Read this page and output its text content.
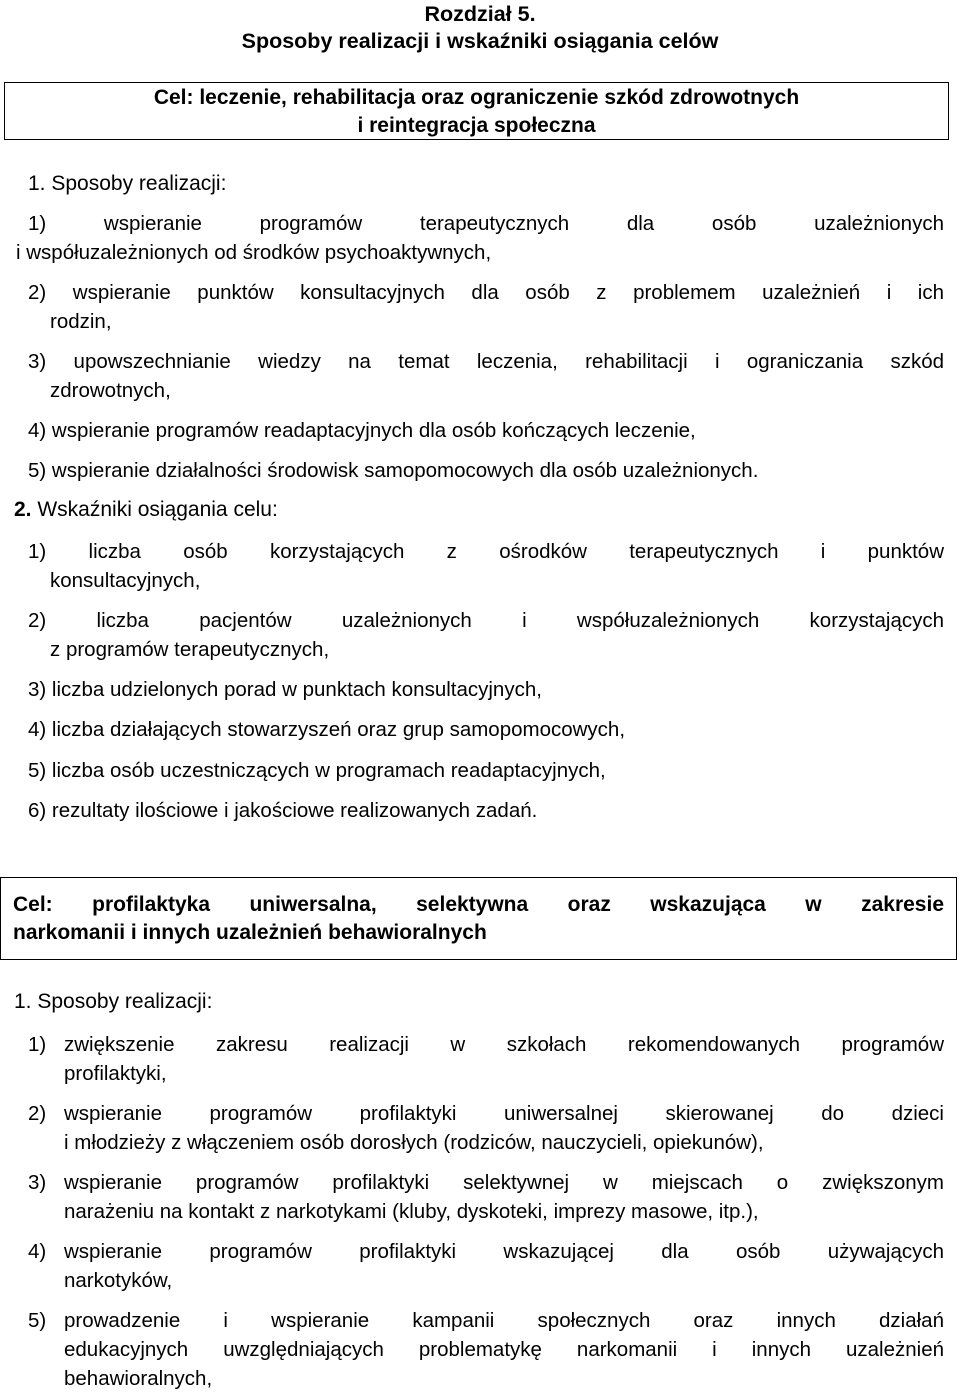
Rozdział 5.
Sposoby realizacji i wskaźniki osiągania celów
Cel: leczenie, rehabilitacja oraz ograniczenie szkód zdrowotnych
i reintegracja społeczna
1. Sposoby realizacji:
1) wspieranie programów terapeutycznych dla osób uzależnionych
i współuzależnionych od środków psychoaktywnych,
2) wspieranie punktów konsultacyjnych dla osób z problemem uzależnień i ich
rodzin,
3) upowszechnianie wiedzy na temat leczenia, rehabilitacji i ograniczania szkód
zdrowotnych,
4) wspieranie programów readaptacyjnych dla osób kończących leczenie,
5) wspieranie działalności środowisk samopomocowych dla osób uzależnionych.
2. Wskaźniki osiągania celu:
1) liczba osób korzystających z ośrodków terapeutycznych i punktów
konsultacyjnych,
2) liczba pacjentów uzależnionych i współuzależnionych korzystających
z programów terapeutycznych,
3) liczba udzielonych porad w punktach konsultacyjnych,
4) liczba działających stowarzyszeń oraz grup samopomocowych,
5) liczba osób uczestniczących w programach readaptacyjnych,
6) rezultaty ilościowe i jakościowe realizowanych zadań.
Cel: profilaktyka uniwersalna, selektywna oraz wskazująca w zakresie
narkomanii i innych uzależnień behawioralnych
1. Sposoby realizacji:
1) zwiększenie zakresu realizacji w szkołach rekomendowanych programów
profilaktyki,
2) wspieranie programów profilaktyki uniwersalnej skierowanej do dzieci
i młodzieży z włączeniem osób dorosłych (rodziców, nauczycieli, opiekunów),
3) wspieranie programów profilaktyki selektywnej w miejscach o zwiększonym
narażeniu na kontakt z narkotykami (kluby, dyskoteki, imprezy masowe, itp.),
4) wspieranie programów profilaktyki wskazującej dla osób używających
narkotyków,
5) prowadzenie i wspieranie kampanii społecznych oraz innych działań
edukacyjnych uwzględniających problematykę narkomanii i innych uzależnień
behawioralnych,
